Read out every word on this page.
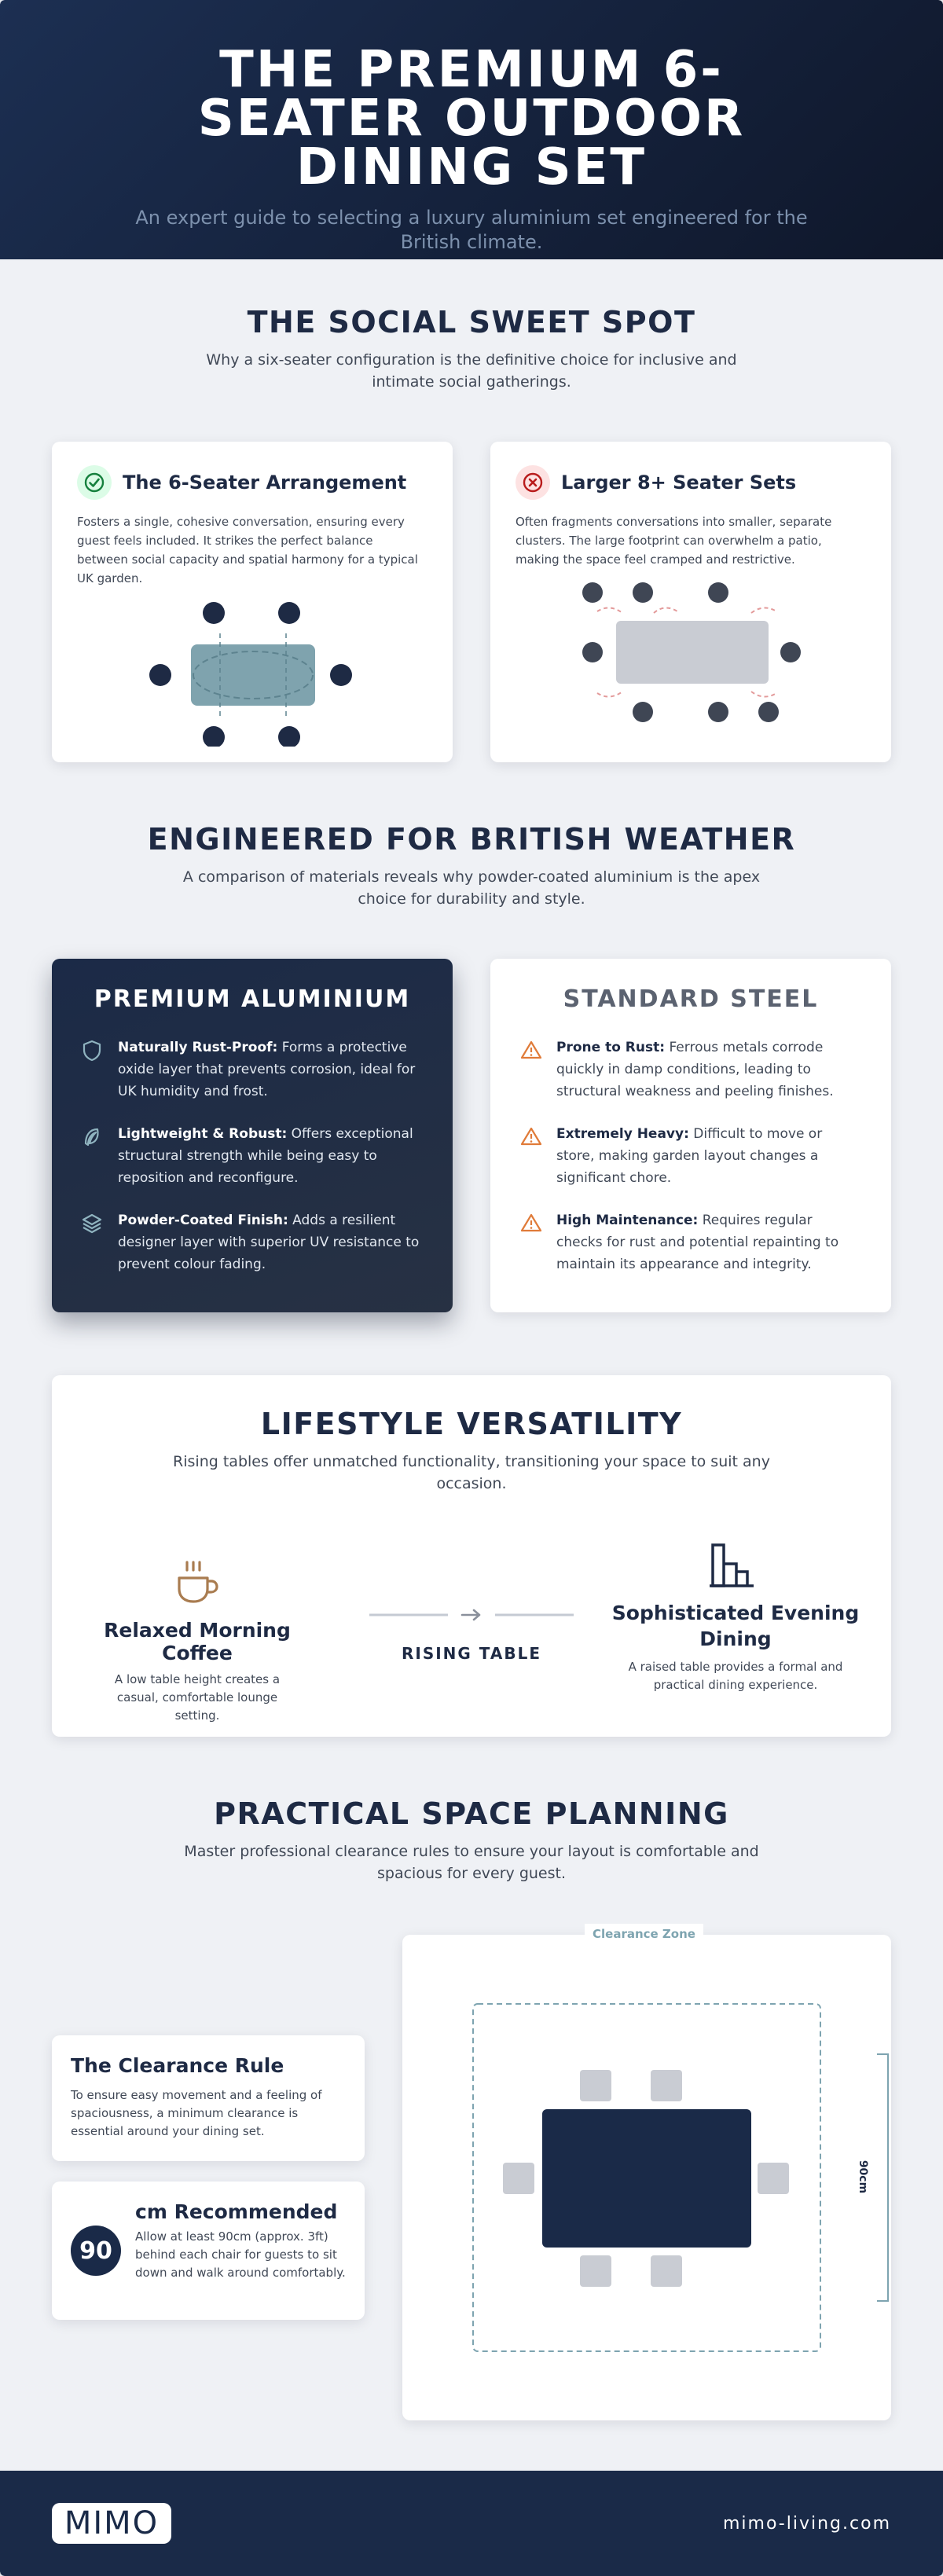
THE PREMIUM 6-SEATER OUTDOOR DINING SET

An expert guide to selecting a luxury aluminium set engineered for the British climate.

THE SOCIAL SWEET SPOT

Why a six-seater configuration is the definitive choice for inclusive and intimate social gatherings.

The 6-Seater Arrangement

Fosters a single, cohesive conversation, ensuring every guest feels included. It strikes the perfect balance between social capacity and spatial harmony for a typical UK garden.

Larger 8+ Seater Sets

Often fragments conversations into smaller, separate clusters. The large footprint can overwhelm a patio, making the space feel cramped and restrictive.

ENGINEERED FOR BRITISH WEATHER

A comparison of materials reveals why powder-coated aluminium is the apex choice for durability and style.

PREMIUM ALUMINIUM
Naturally Rust-Proof: Forms a protective oxide layer that prevents corrosion, ideal for UK humidity and frost.
Lightweight & Robust: Offers exceptional structural strength while being easy to reposition and reconfigure.
Powder-Coated Finish: Adds a resilient designer layer with superior UV resistance to prevent colour fading.
STANDARD STEEL
Prone to Rust: Ferrous metals corrode quickly in damp conditions, leading to structural weakness and peeling finishes.
Extremely Heavy: Difficult to move or store, making garden layout changes a significant chore.
High Maintenance: Requires regular checks for rust and potential repainting to maintain its appearance and integrity.
LIFESTYLE VERSATILITY

Rising tables offer unmatched functionality, transitioning your space to suit any occasion.

Relaxed Morning Coffee
A low table height creates a casual, comfortable lounge setting.
RISING TABLE
Sophisticated Evening Dining
A raised table provides a formal and practical dining experience.
PRACTICAL SPACE PLANNING

Master professional clearance rules to ensure your layout is comfortable and spacious for every guest.

The Clearance Rule

To ensure easy movement and a feeling of spaciousness, a minimum clearance is essential around your dining set.

90
cm Recommended

Allow at least 90cm (approx. 3ft) behind each chair for guests to sit down and walk around comfortably.

Clearance Zone
90cm
MIMO	mimo-living.com
